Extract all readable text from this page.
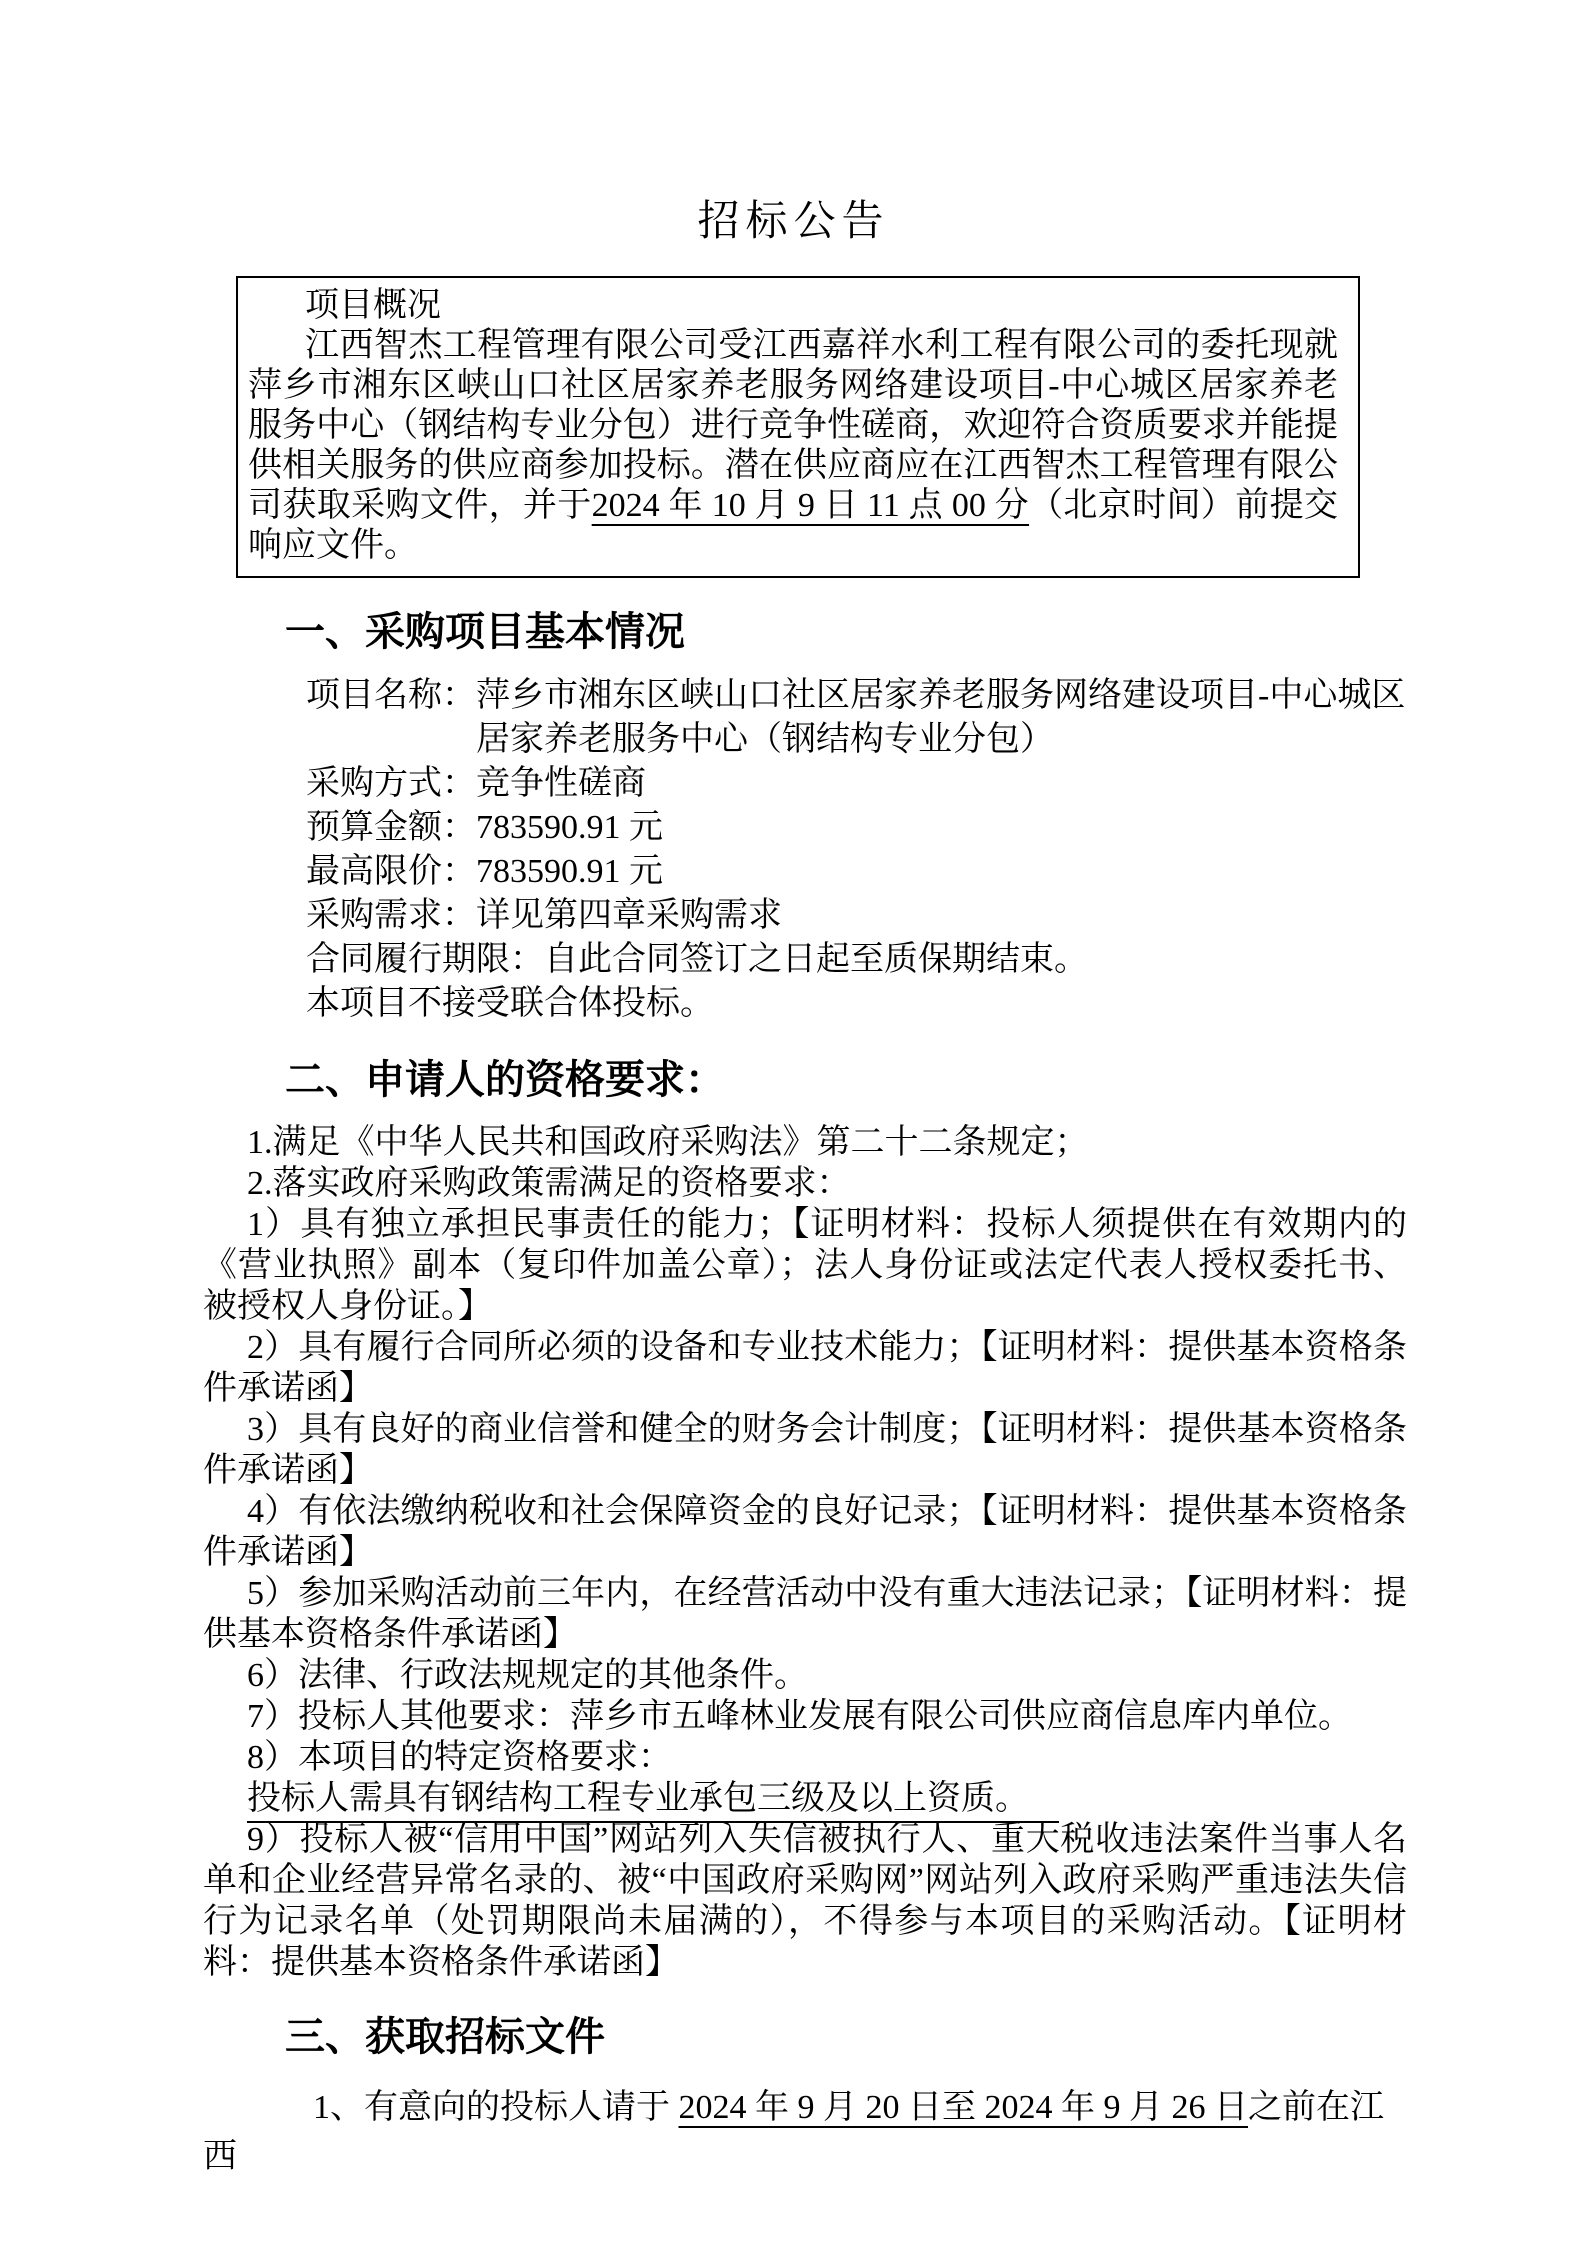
招标公告

项目概况

江西智杰工程管理有限公司受江西嘉祥水利工程有限公司的委托现就萍乡市湘东区峡山口社区居家养老服务网络建设项目-中心城区居家养老服务中心（钢结构专业分包）进行竞争性磋商，欢迎符合资质要求并能提供相关服务的供应商参加投标。潜在供应商应在江西智杰工程管理有限公司获取采购文件，并于2024 年 10 月 9 日 11 点 00 分（北京时间）前提交响应文件。

一、采购项目基本情况
项目名称： 萍乡市湘东区峡山口社区居家养老服务网络建设项目-中心城区居家养老服务中心（钢结构专业分包）
采购方式： 竞争性磋商
预算金额： 783590.91 元
最高限价： 783590.91 元
采购需求： 详见第四章采购需求
合同履行期限： 自此合同签订之日起至质保期结束。

本项目不接受联合体投标。

二、申请人的资格要求：

1.满足《中华人民共和国政府采购法》第二十二条规定；

2.落实政府采购政策需满足的资格要求：

1）具有独立承担民事责任的能力；【证明材料：投标人须提供在有效期内的《营业执照》副本（复印件加盖公章）；法人身份证或法定代表人授权委托书、被授权人身份证。】

2）具有履行合同所必须的设备和专业技术能力；【证明材料：提供基本资格条件承诺函】

3）具有良好的商业信誉和健全的财务会计制度；【证明材料：提供基本资格条件承诺函】

4）有依法缴纳税收和社会保障资金的良好记录；【证明材料：提供基本资格条件承诺函】

5）参加采购活动前三年内，在经营活动中没有重大违法记录；【证明材料：提供基本资格条件承诺函】

6）法律、行政法规规定的其他条件。

7）投标人其他要求：萍乡市五峰林业发展有限公司供应商信息库内单位。

8）本项目的特定资格要求：

投标人需具有钢结构工程专业承包三级及以上资质。

9）投标人被“信用中国”网站列入失信被执行人、重大税收违法案件当事人名单和企业经营异常名录的、被“中国政府采购网”网站列入政府采购严重违法失信行为记录名单（处罚期限尚未届满的），不得参与本项目的采购活动。【证明材料：提供基本资格条件承诺函】

三、获取招标文件

1、有意向的投标人请于 2024 年 9 月 20 日至 2024 年 9 月 26 日之前在江西
